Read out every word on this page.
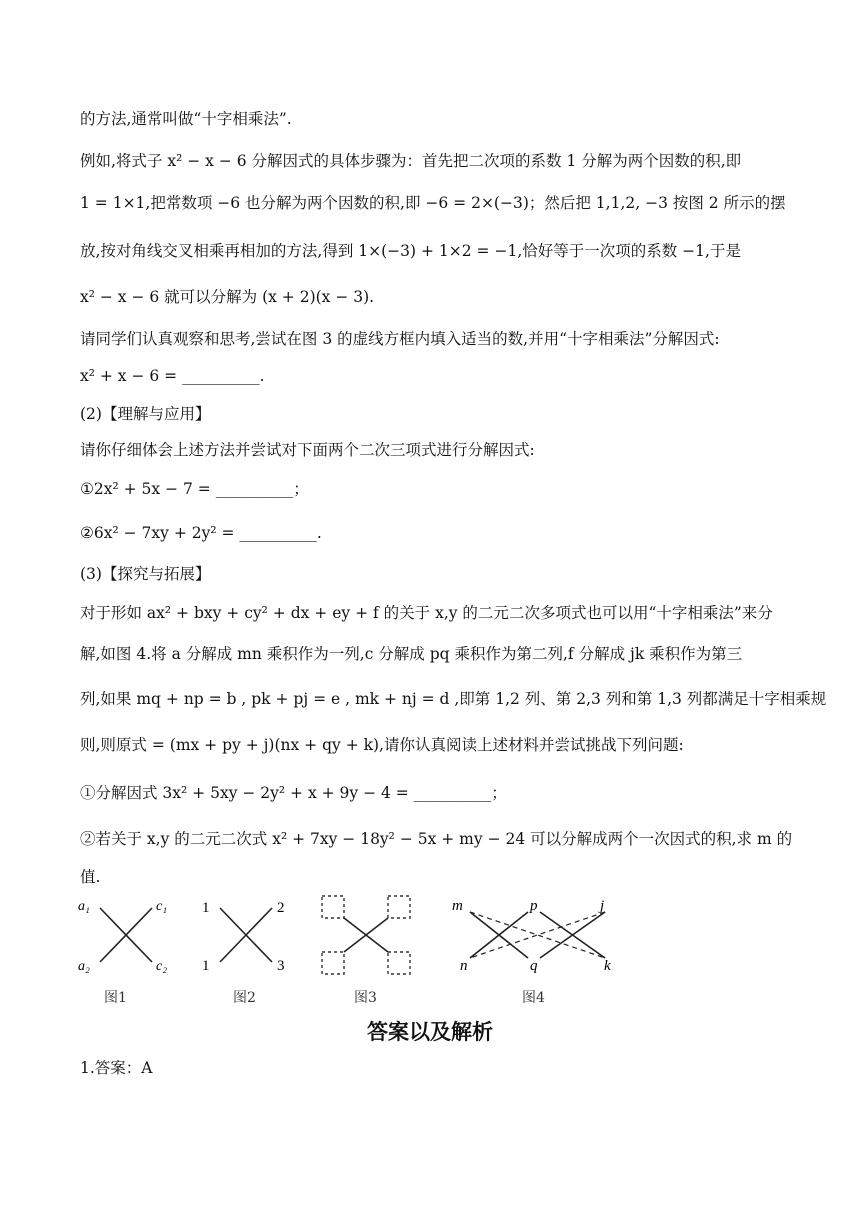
的方法,通常叫做“十字相乘法”.
例如,将式子 x² − x − 6 分解因式的具体步骤为：首先把二次项的系数 1 分解为两个因数的积,即
1 = 1×1,把常数项 −6 也分解为两个因数的积,即 −6 = 2×(−3)；然后把 1,1,2, −3 按图 2 所示的摆
放,按对角线交叉相乘再相加的方法,得到 1×(−3) + 1×2 = −1,恰好等于一次项的系数 −1,于是
x² − x − 6 就可以分解为 (x + 2)(x − 3).
请同学们认真观察和思考,尝试在图 3 的虚线方框内填入适当的数,并用“十字相乘法”分解因式:
x² + x − 6 = __________.
(2)【理解与应用】
请你仔细体会上述方法并尝试对下面两个二次三项式进行分解因式:
①2x² + 5x − 7 = __________；
②6x² − 7xy + 2y² = __________.
(3)【探究与拓展】
对于形如 ax² + bxy + cy² + dx + ey + f 的关于 x,y 的二元二次多项式也可以用“十字相乘法”来分
解,如图 4.将 a 分解成 mn 乘积作为一列,c 分解成 pq 乘积作为第二列,f 分解成 jk 乘积作为第三
列,如果 mq + np = b , pk + pj = e , mk + nj = d ,即第 1,2 列、第 2,3 列和第 1,3 列都满足十字相乘规
则,则原式 = (mx + py + j)(nx + qy + k),请你认真阅读上述材料并尝试挑战下列问题:
①分解因式 3x² + 5xy − 2y² + x + 9y − 4 = __________；
②若关于 x,y 的二元二次式 x² + 7xy − 18y² − 5x + my − 24 可以分解成两个一次因式的积,求 m 的
值.
a₁	c₁
a₂	c₂
图1
1	2
1	3
图2	图3
m	p	j
n	q	k
图4
答案以及解析
1.答案：A
